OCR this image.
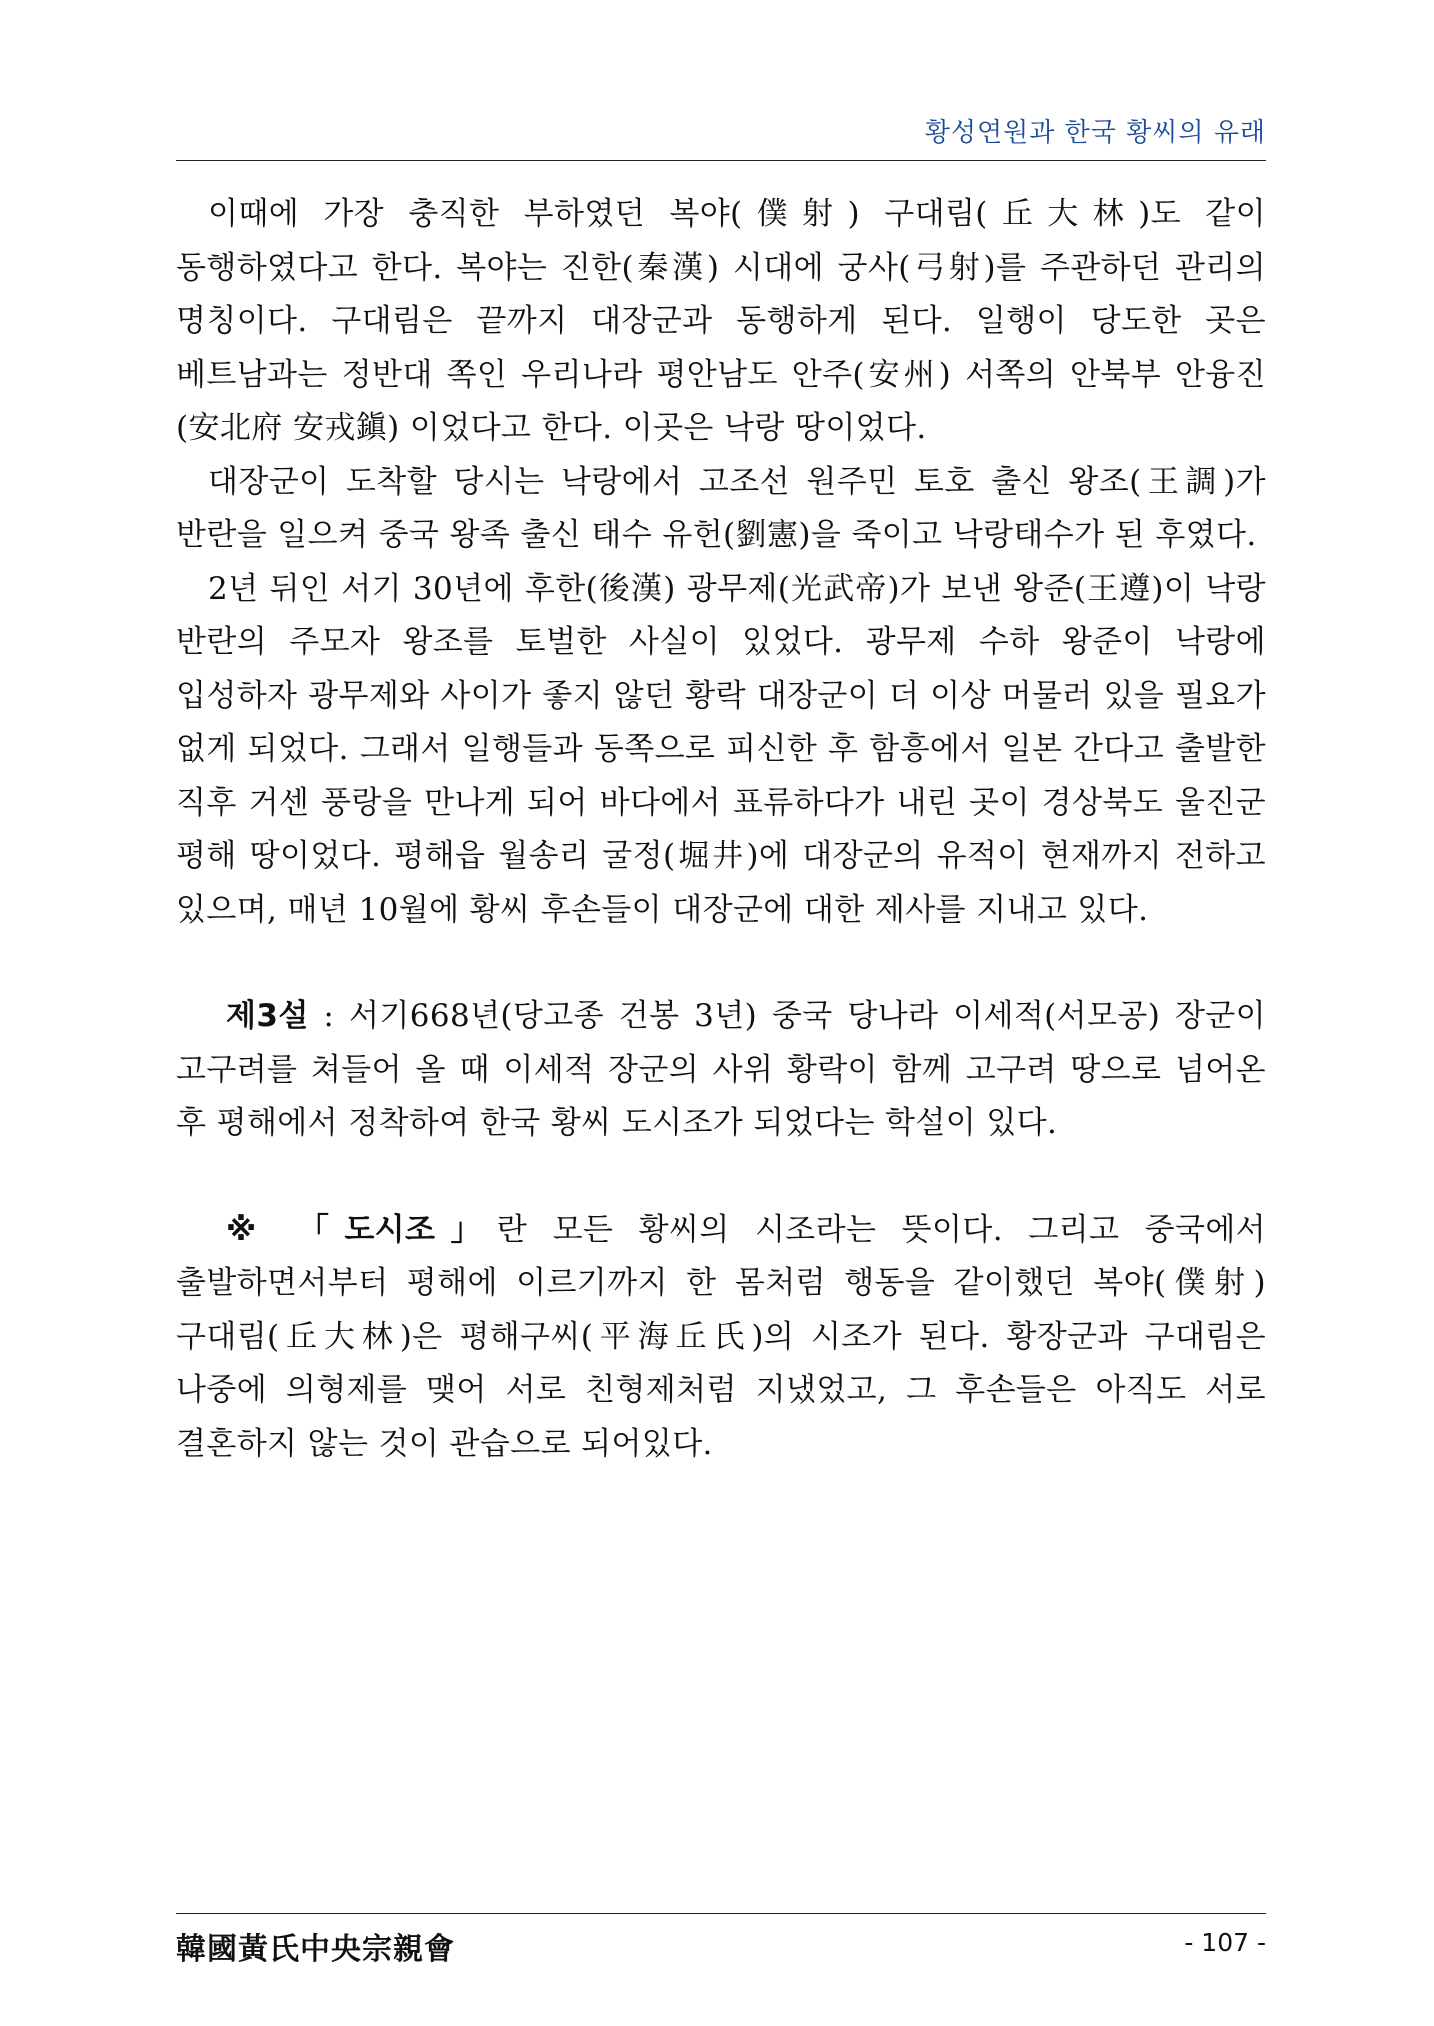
황성연원과 한국 황씨의 유래

이때에 가장 충직한 부하였던 복야(僕射) 구대림(丘大林)도 같이 동행하였다고 한다. 복야는 진한(秦漢) 시대에 궁사(弓射)를 주관하던 관리의 명칭이다. 구대림은 끝까지 대장군과 동행하게 된다. 일행이 당도한 곳은 베트남과는 정반대 쪽인 우리나라 평안남도 안주(安州) 서쪽의 안북부 안융진(安北府 安戎鎭) 이었다고 한다. 이곳은 낙랑 땅이었다.

대장군이 도착할 당시는 낙랑에서 고조선 원주민 토호 출신 왕조(王調)가 반란을 일으켜 중국 왕족 출신 태수 유헌(劉憲)을 죽이고 낙랑태수가 된 후였다.

2년 뒤인 서기 30년에 후한(後漢) 광무제(光武帝)가 보낸 왕준(王遵)이 낙랑 반란의 주모자 왕조를 토벌한 사실이 있었다. 광무제 수하 왕준이 낙랑에 입성하자 광무제와 사이가 좋지 않던 황락 대장군이 더 이상 머물러 있을 필요가 없게 되었다. 그래서 일행들과 동쪽으로 피신한 후 함흥에서 일본 간다고 출발한 직후 거센 풍랑을 만나게 되어 바다에서 표류하다가 내린 곳이 경상북도 울진군 평해 땅이었다. 평해읍 월송리 굴정(堀井)에 대장군의 유적이 현재까지 전하고 있으며, 매년 10월에 황씨 후손들이 대장군에 대한 제사를 지내고 있다.

제3설 : 서기668년(당고종 건봉 3년) 중국 당나라 이세적(서모공) 장군이 고구려를 쳐들어 올 때 이세적 장군의 사위 황락이 함께 고구려 땅으로 넘어온 후 평해에서 정착하여 한국 황씨 도시조가 되었다는 학설이 있다.

※ 「도시조」란 모든 황씨의 시조라는 뜻이다. 그리고 중국에서 출발하면서부터 평해에 이르기까지 한 몸처럼 행동을 같이했던 복야(僕射) 구대림(丘大林)은 평해구씨(平海丘氏)의 시조가 된다. 황장군과 구대림은 나중에 의형제를 맺어 서로 친형제처럼 지냈었고, 그 후손들은 아직도 서로 결혼하지 않는 것이 관습으로 되어있다.

韓國黃氏中央宗親會	- 107 -
